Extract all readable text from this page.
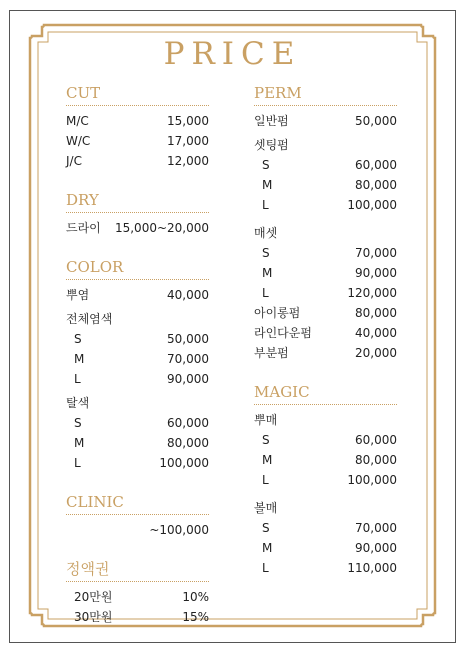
PRICE
CUT
M/C	15,000
W/C	17,000
J/C	12,000
DRY
드라이 15,000~20,000
COLOR
뿌염	40,000
전체염색
S	50,000
M	70,000
L	90,000
탈색
S	60,000
M	80,000
L	100,000
CLINIC
~100,000
정액권
20만원	10%
30만원	15%
PERM
일반펌	50,000
셋팅펌
S	60,000
M	80,000
L	100,000
매셋
S	70,000
M	90,000
L	120,000
아이롱펌	80,000
라인다운펌	40,000
부분펌	20,000
MAGIC
뿌매
S	60,000
M	80,000
L	100,000
볼매
S	70,000
M	90,000
L	110,000
